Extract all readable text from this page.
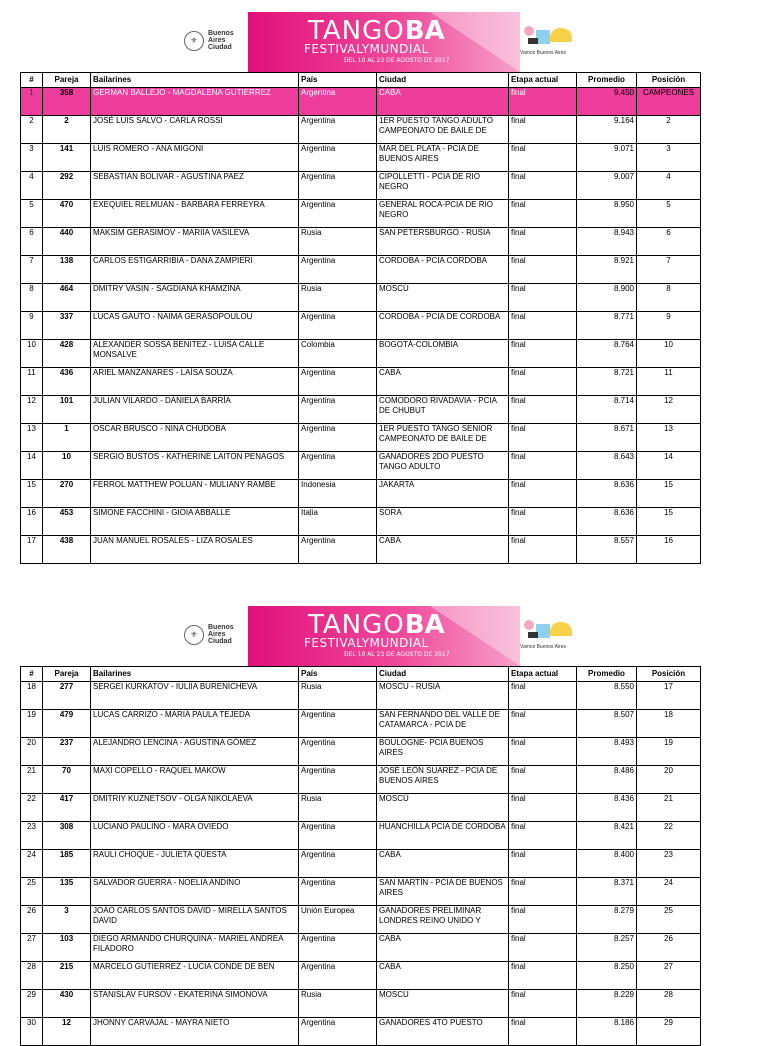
⚜
Buenos
Aires
Ciudad
TANGOBA
FESTIVALYMUNDIAL
DEL 10 AL 23 DE AGOSTO DE 2017
Vamos Buenos Aires
#	Pareja	Bailarines	País	Ciudad	Etapa actual	Promedio	Posición
1	358	GERMAN BALLEJO - MAGDALENA GUTIERREZ	Argentina	CABA	final	9.450	CAMPEONES
2	2	JOSÉ LUIS SALVO - CARLA ROSSI	Argentina	1ER PUESTO TANGO ADULTO CAMPEONATO DE BAILE DE	final	9.164	2
3	141	LUIS ROMERO - ANA MIGONI	Argentina	MAR DEL PLATA - PCIA DE BUENOS AIRES	final	9.071	3
4	292	SEBASTIAN BOLIVAR - AGUSTINA PAEZ	Argentina	CIPOLLETTI - PCIA DE RIO NEGRO	final	9.007	4
5	470	EXEQUIEL RELMUAN - BARBARA FERREYRA	Argentina	GENERAL ROCA-PCIA DE RIO NEGRO	final	8.950	5
6	440	MAKSIM GERASIMOV - MARIIA VASILEVA	Rusia	SAN PETERSBURGO - RUSIA	final	8.943	6
7	138	CARLOS ESTIGARRIBIA - DANA ZAMPIERI	Argentina	CORDOBA - PCIA CORDOBA	final	8.921	7
8	464	DMITRY VASIN - SAGDIANA KHAMZINA	Rusia	MOSCÚ	final	8.900	8
9	337	LUCAS GAUTO - NAIMA GERASOPOULOU	Argentina	CORDOBA - PCIA DE CORDOBA	final	8.771	9
10	428	ALEXANDER SOSSA BENITEZ - LUISA CALLE MONSALVE	Colombia	BOGOTÁ-COLOMBIA	final	8.764	10
11	436	ARIEL MANZANARES - LAÍSA SOUZA	Argentina	CABA	final	8.721	11
12	101	JULIAN VILARDO - DANIELA BARRÍA	Argentina	COMODORO RIVADAVIA - PCIA DE CHUBUT	final	8.714	12
13	1	OSCAR BRUSCO - NINA CHUDOBA	Argentina	1ER PUESTO TANGO SENIOR CAMPEONATO DE BAILE DE	final	8.671	13
14	10	SERGIO BUSTOS - KATHERINE LAITON PENAGOS	Argentina	GANADORES 2DO PUESTO TANGO ADULTO	final	8.643	14
15	270	FERROL MATTHEW POLUAN - MULIANY RAMBE	Indonesia	JAKARTA	final	8.636	15
16	453	SIMONE FACCHINI - GIOIA ABBALLE	Italia	SORA	final	8.636	15
17	438	JUAN MANUEL ROSALES - LIZA ROSALES	Argentina	CABA	final	8.557	16
⚜
Buenos
Aires
Ciudad
TANGOBA
FESTIVALYMUNDIAL
DEL 10 AL 23 DE AGOSTO DE 2017
Vamos Buenos Aires
#	Pareja	Bailarines	País	Ciudad	Etapa actual	Promedio	Posición
18	277	SERGEI KURKATOV - IULIIA BURENICHEVA	Rusia	MOSCU - RUSIA	final	8.550	17
19	479	LUCAS CARRIZO - MARIA PAULA TEJEDA	Argentina	SAN FERNANDO DEL VALLE DE CATAMARCA - PCIA DE	final	8.507	18
20	237	ALEJANDRO LENCINA - AGUSTINA GÓMEZ	Argentina	BOULOGNE- PCIA BUENOS AIRES	final	8.493	19
21	70	MAXI COPELLO - RAQUEL MAKOW	Argentina	JOSÉ LEÓN SUAREZ - PCIA DE BUENOS AIRES	final	8.486	20
22	417	DMITRIY KUZNETSOV - OLGA NIKOLAEVA	Rusia	MOSCÚ	final	8.436	21
23	308	LUCIANO PAULINO - MARA OVIEDO	Argentina	HUANCHILLA PCIA DE CORDOBA	final	8.421	22
24	185	RAULI CHOQUE - JULIETA QÜESTA	Argentina	CABA	final	8.400	23
25	135	SALVADOR GUERRA - NOELIA ANDINO	Argentina	SAN MARTÍN - PCIA DE BUENOS AIRES	final	8.371	24
26	3	JOAO CARLOS SANTOS DAVID - MIRELLA SANTOS DAVID	Unión Europea	GANADORES PRELIMINAR LONDRES REINO UNIDO Y	final	8.279	25
27	103	DIEGO ARMANDO CHURQUINA - MARIEL ANDREA FILADORO	Argentina	CABA	final	8.257	26
28	215	MARCELO GUTIERREZ - LUCIA CONDE DE BEN	Argentina	CABA	final	8.250	27
29	430	STANISLAV FURSOV - EKATERINA SIMONOVA	Rusia	MOSCÚ	final	8.229	28
30	12	JHONNY CARVAJAL - MAYRA NIETO	Argentina	GANADORES 4TO PUESTO	final	8.186	29
